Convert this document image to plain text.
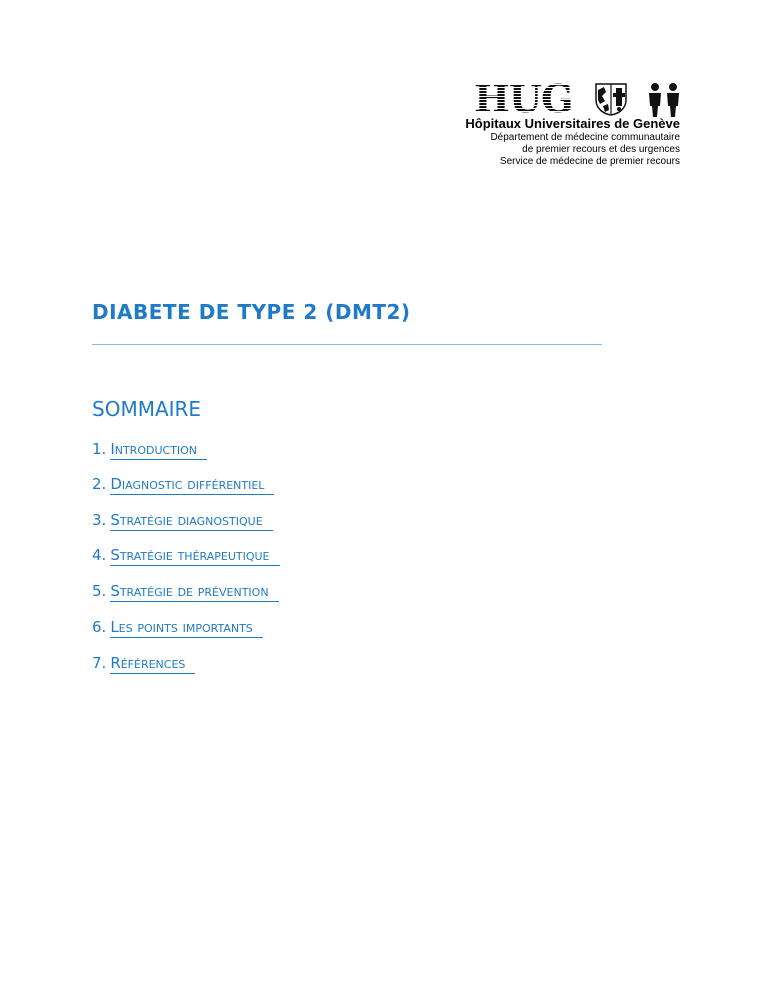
HUG
Hôpitaux Universitaires de Genève
Département de médecine communautaire
de premier recours et des urgences
Service de médecine de premier recours
DIABETE DE TYPE 2 (DMT2)
SOMMAIRE
1. Introduction
2. Diagnostic différentiel
3. Stratégie diagnostique
4. Stratégie thérapeutique
5. Stratégie de prévention
6. Les points importants
7. Références
